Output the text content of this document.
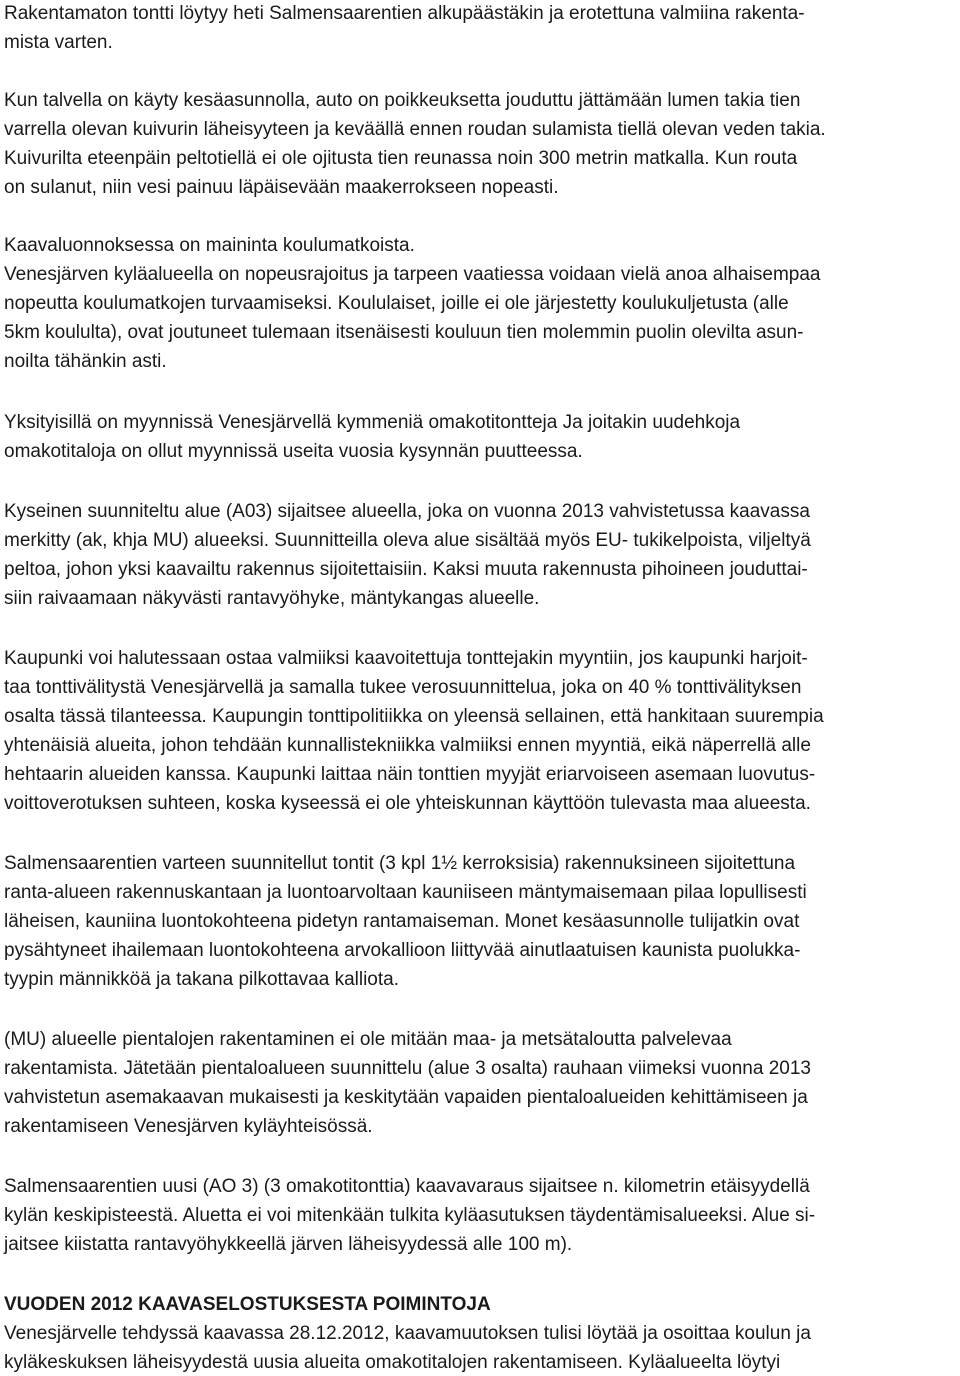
Rakentamaton tontti löytyy heti Salmensaarentien alkupäästäkin ja erotettuna valmiina rakenta-
mista varten.
Kun talvella on käyty kesäasunnolla, auto on poikkeuksetta jouduttu jättämään lumen takia tien
varrella olevan kuivurin läheisyyteen ja keväällä ennen roudan sulamista tiellä olevan veden takia.
Kuivurilta eteenpäin peltotiellä ei ole ojitusta tien reunassa noin 300 metrin matkalla. Kun routa
on sulanut, niin vesi painuu läpäisevään maakerrokseen nopeasti.
Kaavaluonnoksessa on maininta koulumatkoista.
Venesjärven kyläalueella on nopeusrajoitus ja tarpeen vaatiessa voidaan vielä anoa alhaisempaa
nopeutta koulumatkojen turvaamiseksi. Koululaiset, joille ei ole järjestetty koulukuljetusta (alle
5km koululta), ovat joutuneet tulemaan itsenäisesti kouluun tien molemmin puolin olevilta asun-
noilta tähänkin asti.
Yksityisillä on myynnissä Venesjärvellä kymmeniä omakotitontteja Ja joitakin uudehkoja
omakotitaloja on ollut myynnissä useita vuosia kysynnän puutteessa.
Kyseinen suunniteltu alue (A03) sijaitsee alueella, joka on vuonna 2013 vahvistetussa kaavassa
merkitty (ak, khja MU) alueeksi. Suunnitteilla oleva alue sisältää myös EU- tukikelpoista, viljeltyä
peltoa, johon yksi kaavailtu rakennus sijoitettaisiin. Kaksi muuta rakennusta pihoineen jouduttai-
siin raivaamaan näkyvästi rantavyöhyke, mäntykangas alueelle.
Kaupunki voi halutessaan ostaa valmiiksi kaavoitettuja tonttejakin myyntiin, jos kaupunki harjoit-
taa tonttivälitystä Venesjärvellä ja samalla tukee verosuunnittelua, joka on 40 % tonttivälityksen
osalta tässä tilanteessa. Kaupungin tonttipolitiikka on yleensä sellainen, että hankitaan suurempia
yhtenäisiä alueita, johon tehdään kunnallistekniikka valmiiksi ennen myyntiä, eikä näperrellä alle
hehtaarin alueiden kanssa. Kaupunki laittaa näin tonttien myyjät eriarvoiseen asemaan luovutus-
voittoverotuksen suhteen, koska kyseessä ei ole yhteiskunnan käyttöön tulevasta maa alueesta.
Salmensaarentien varteen suunnitellut tontit (3 kpl 1½ kerroksisia) rakennuksineen sijoitettuna
ranta-alueen rakennuskantaan ja luontoarvoltaan kauniiseen mäntymaisemaan pilaa lopullisesti
läheisen, kauniina luontokohteena pidetyn rantamaiseman. Monet kesäasunnolle tulijatkin ovat
pysähtyneet ihailemaan luontokohteena arvokallioon liittyvää ainutlaatuisen kaunista puolukka-
tyypin männikköä ja takana pilkottavaa kalliota.
(MU) alueelle pientalojen rakentaminen ei ole mitään maa- ja metsätaloutta palvelevaa
rakentamista. Jätetään pientaloalueen suunnittelu (alue 3 osalta) rauhaan viimeksi vuonna 2013
vahvistetun asemakaavan mukaisesti ja keskitytään vapaiden pientaloalueiden kehittämiseen ja
rakentamiseen Venesjärven kyläyhteisössä.
Salmensaarentien uusi (AO 3) (3 omakotitonttia) kaavavaraus sijaitsee n. kilometrin etäisyydellä
kylän keskipisteestä. Aluetta ei voi mitenkään tulkita kyläasutuksen täydentämisalueeksi. Alue si-
jaitsee kiistatta rantavyöhykkeellä järven läheisyydessä alle 100 m).
VUODEN 2012 KAAVASELOSTUKSESTA POIMINTOJA
Venesjärvelle tehdyssä kaavassa 28.12.2012, kaavamuutoksen tulisi löytää ja osoittaa koulun ja
kyläkeskuksen läheisyydestä uusia alueita omakotitalojen rakentamiseen. Kyläalueelta löytyi
